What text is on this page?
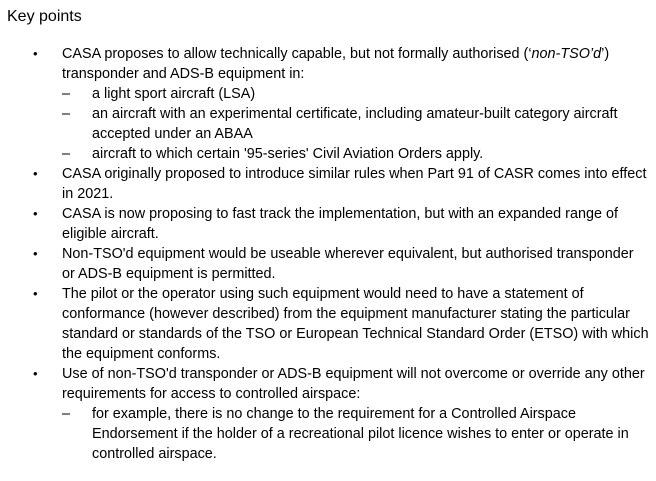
Key points
• CASA proposes to allow technically capable, but not formally authorised (‘non-TSO’d’) transponder and ADS-B equipment in:
– a light sport aircraft (LSA)
– an aircraft with an experimental certificate, including amateur-built category aircraft accepted under an ABAA
– aircraft to which certain '95-series' Civil Aviation Orders apply.
• CASA originally proposed to introduce similar rules when Part 91 of CASR comes into effect in 2021.
• CASA is now proposing to fast track the implementation, but with an expanded range of eligible aircraft.
• Non-TSO'd equipment would be useable wherever equivalent, but authorised transponder or ADS-B equipment is permitted.
• The pilot or the operator using such equipment would need to have a statement of conformance (however described) from the equipment manufacturer stating the particular standard or standards of the TSO or European Technical Standard Order (ETSO) with which the equipment conforms.
• Use of non-TSO'd transponder or ADS-B equipment will not overcome or override any other requirements for access to controlled airspace:
– for example, there is no change to the requirement for a Controlled Airspace Endorsement if the holder of a recreational pilot licence wishes to enter or operate in controlled airspace.
